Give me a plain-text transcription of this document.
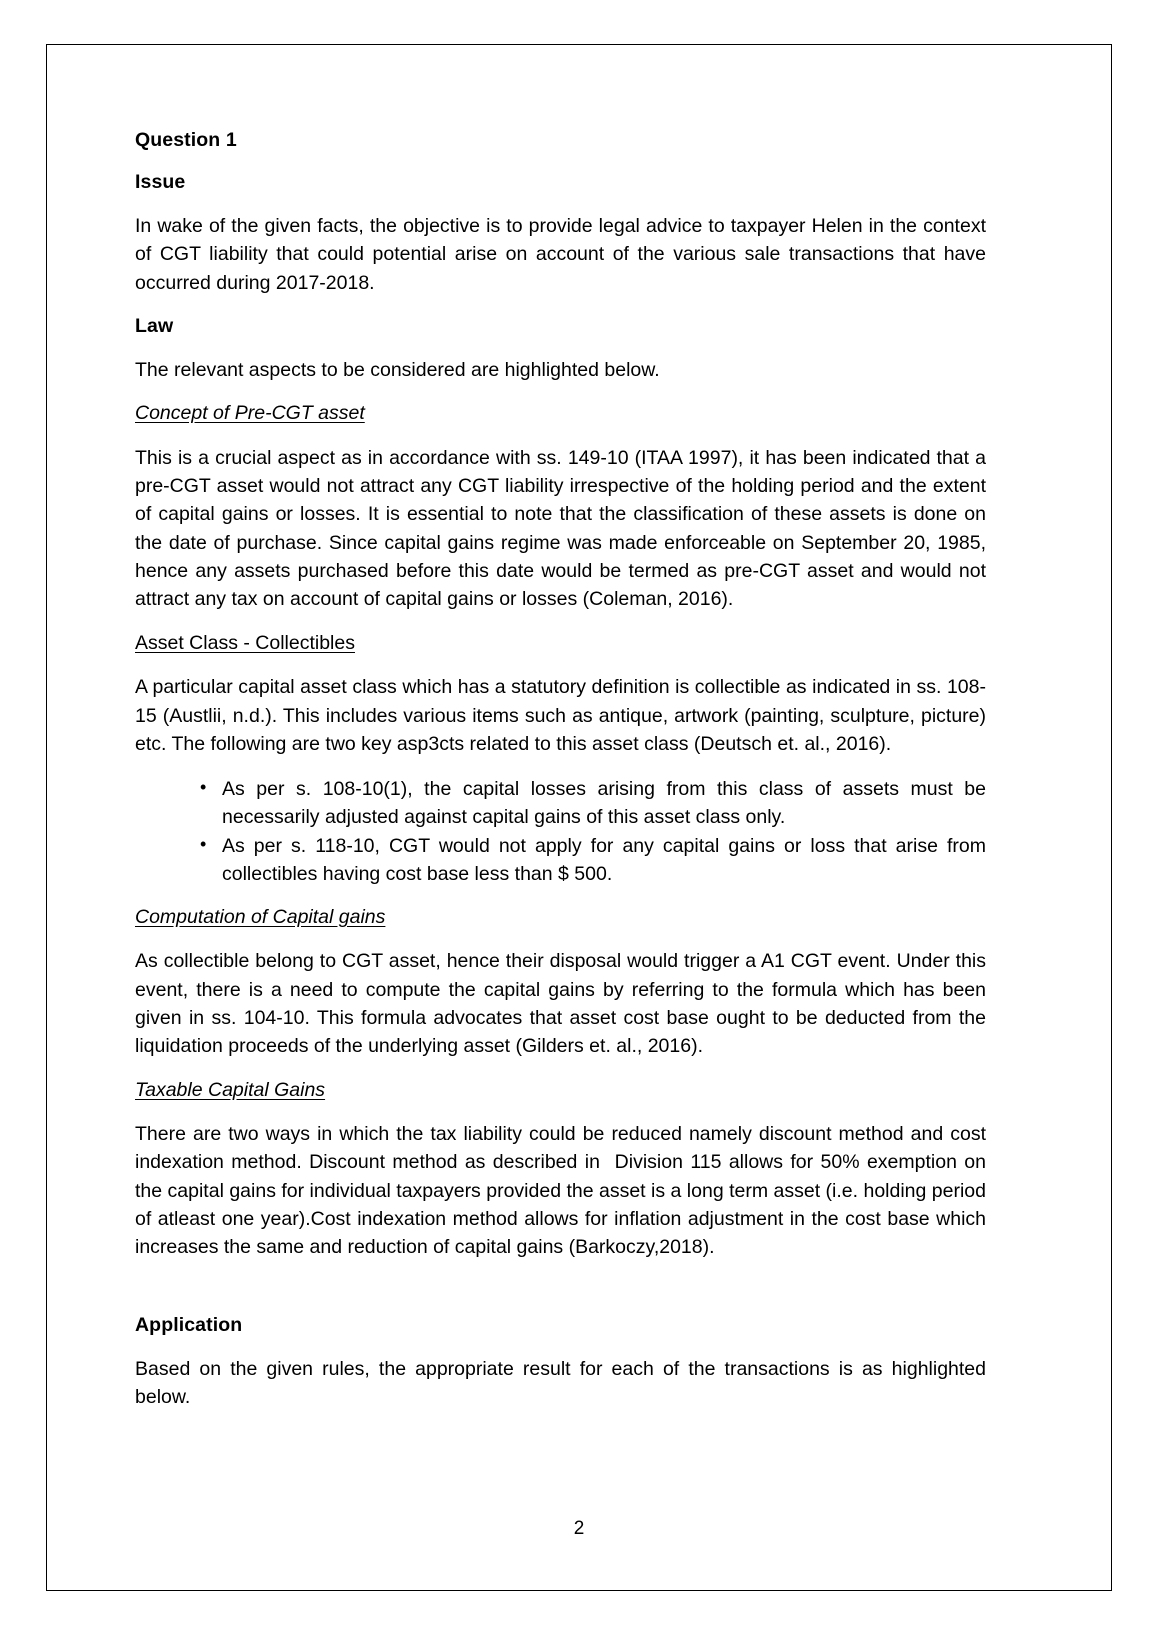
Question 1
Issue

In wake of the given facts, the objective is to provide legal advice to taxpayer Helen in the context of CGT liability that could potential arise on account of the various sale transactions that have occurred during 2017-2018.

Law

The relevant aspects to be considered are highlighted below.

Concept of Pre-CGT asset

This is a crucial aspect as in accordance with ss. 149-10 (ITAA 1997), it has been indicated that a pre-CGT asset would not attract any CGT liability irrespective of the holding period and the extent of capital gains or losses. It is essential to note that the classification of these assets is done on the date of purchase. Since capital gains regime was made enforceable on September 20, 1985, hence any assets purchased before this date would be termed as pre-CGT asset and would not attract any tax on account of capital gains or losses (Coleman, 2016).

Asset Class - Collectibles

A particular capital asset class which has a statutory definition is collectible as indicated in ss. 108-15 (Austlii, n.d.). This includes various items such as antique, artwork (painting, sculpture, picture) etc. The following are two key asp3cts related to this asset class (Deutsch et. al., 2016).

• As per s. 108-10(1), the capital losses arising from this class of assets must be necessarily adjusted against capital gains of this asset class only.
• As per s. 118-10, CGT would not apply for any capital gains or loss that arise from collectibles having cost base less than $ 500.
Computation of Capital gains

As collectible belong to CGT asset, hence their disposal would trigger a A1 CGT event. Under this event, there is a need to compute the capital gains by referring to the formula which has been given in ss. 104-10. This formula advocates that asset cost base ought to be deducted from the liquidation proceeds of the underlying asset (Gilders et. al., 2016).

Taxable Capital Gains

There are two ways in which the tax liability could be reduced namely discount method and cost indexation method. Discount method as described in  Division 115 allows for 50% exemption on the capital gains for individual taxpayers provided the asset is a long term asset (i.e. holding period of atleast one year).Cost indexation method allows for inflation adjustment in the cost base which increases the same and reduction of capital gains (Barkoczy,2018).

Application

Based on the given rules, the appropriate result for each of the transactions is as highlighted below.

2
